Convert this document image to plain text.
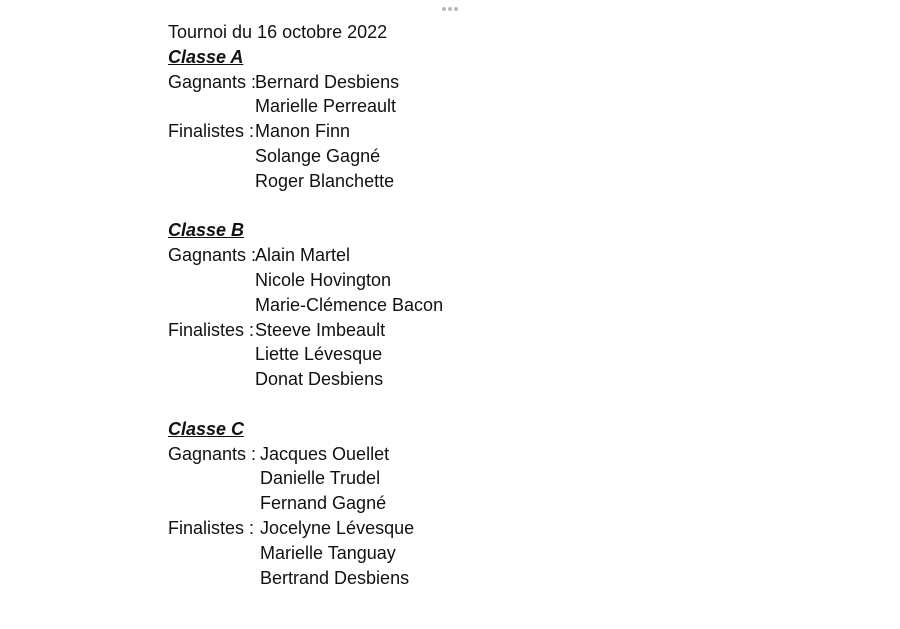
Tournoi du 16 octobre 2022
Classe A
Gagnants :
Bernard Desbiens
Marielle Perreault
Finalistes : Manon Finn
Solange Gagné
Roger Blanchette
Classe B
Gagnants :
Alain Martel
Nicole Hovington
Marie-Clémence Bacon
Finalistes : Steeve Imbeault
Liette Lévesque
Donat Desbiens
Classe C
Gagnants : Jacques Ouellet
Danielle Trudel
Fernand Gagné
Finalistes : Jocelyne Lévesque
Marielle Tanguay
Bertrand Desbiens
